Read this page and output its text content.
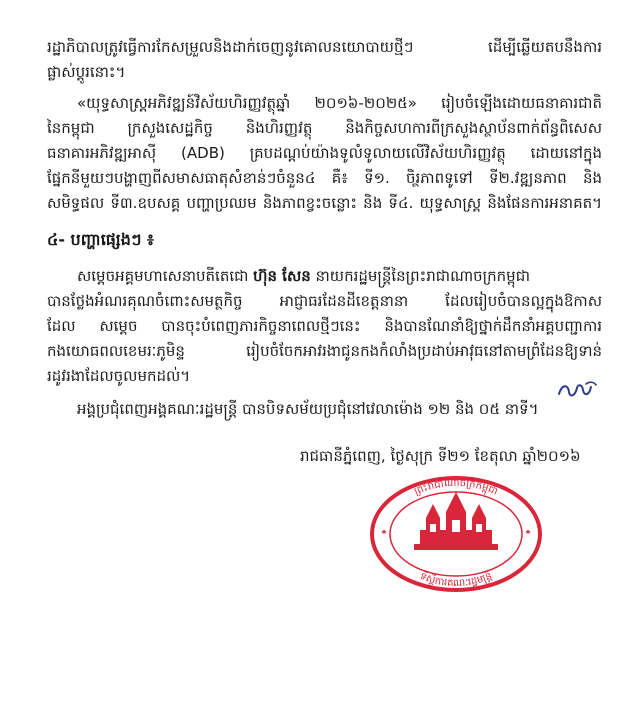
រដ្ឋាភិបាលត្រូវធ្វើការកែសម្រួលនិងដាក់ចេញនូវគោលនយោបាយថ្មីៗ ដើម្បីឆ្លើយតបនឹងការ
ផ្លាស់ប្តូរនោះ។
«យុទ្ធសាស្ត្រអភិវឌ្ឍន៍វិស័យហិរញ្ញវត្ថុឆ្នាំ ២០១៦-២០២៥» រៀបចំឡើងដោយធនាគារជាតិ
នៃកម្ពុជា ក្រសួងសេដ្ឋកិច្ច និងហិរញ្ញវត្ថុ និងកិច្ចសហការពីក្រសួងស្ថាប័នពាក់ព័ន្ធពិសេស
ធនាគារអភិវឌ្ឍអាស៊ី (ADB) គ្របដណ្តប់យ៉ាងទូលំទូលាយលើវិស័យហិរញ្ញវត្ថុ ដោយនៅក្នុង
ផ្នែកនីមួយៗបង្ហាញពីសមាសធាតុសំខាន់ៗចំនួន៤ គឺ៖ ទី១. ចិរ្ថភាពទូទៅ ទី២.វឌ្ឍនភាព និង
សមិទ្ធផល ទី៣.ឧបសគ្គ បញ្ហាប្រឈម និងភាពខ្វះចន្លោះ និង ទី៤. យុទ្ធសាស្ត្រ និងផែនការអនាគត។
៤- បញ្ហាផ្សេងៗ ៖
សម្តេចអគ្គមហាសេនាបតីតេជោ ហ៊ុន សែន នាយករដ្ឋមន្ត្រីនៃព្រះរាជាណាចក្រកម្ពុជា
បានថ្លែងអំណរគុណចំពោះសមត្ថកិច្ច អាជ្ញាធរដែនដីខេត្តនានា ដែលរៀបចំបានល្អក្នុងឱកាស
ដែល សម្តេច បានចុះបំពេញភារកិច្ចនាពេលថ្មីៗនេះ និងបានណែនាំឱ្យថ្នាក់ដឹកនាំអគ្គបញ្ជាការ
កងយោធពលខេមរៈភូមិន្ទ រៀបចំចែកអាវរងាជូនកងកំលាំងប្រដាប់អាវុធនៅតាមព្រំដែនឱ្យទាន់
រដូវរងាដែលចូលមកដល់។
អង្គប្រជុំពេញអង្គគណៈរដ្ឋមន្ត្រី បានបិទសម័យប្រជុំនៅវេលាម៉ោង ១២ និង ០៥ នាទី។
រាជធានីភ្នំពេញ, ថ្ងៃសុក្រ ទី២១ ខែតុលា ឆ្នាំ២០១៦
ព្រះរាជាណាចក្រកម្ពុជា
ទីស្តីការគណៈរដ្ឋមន្ត្រី
